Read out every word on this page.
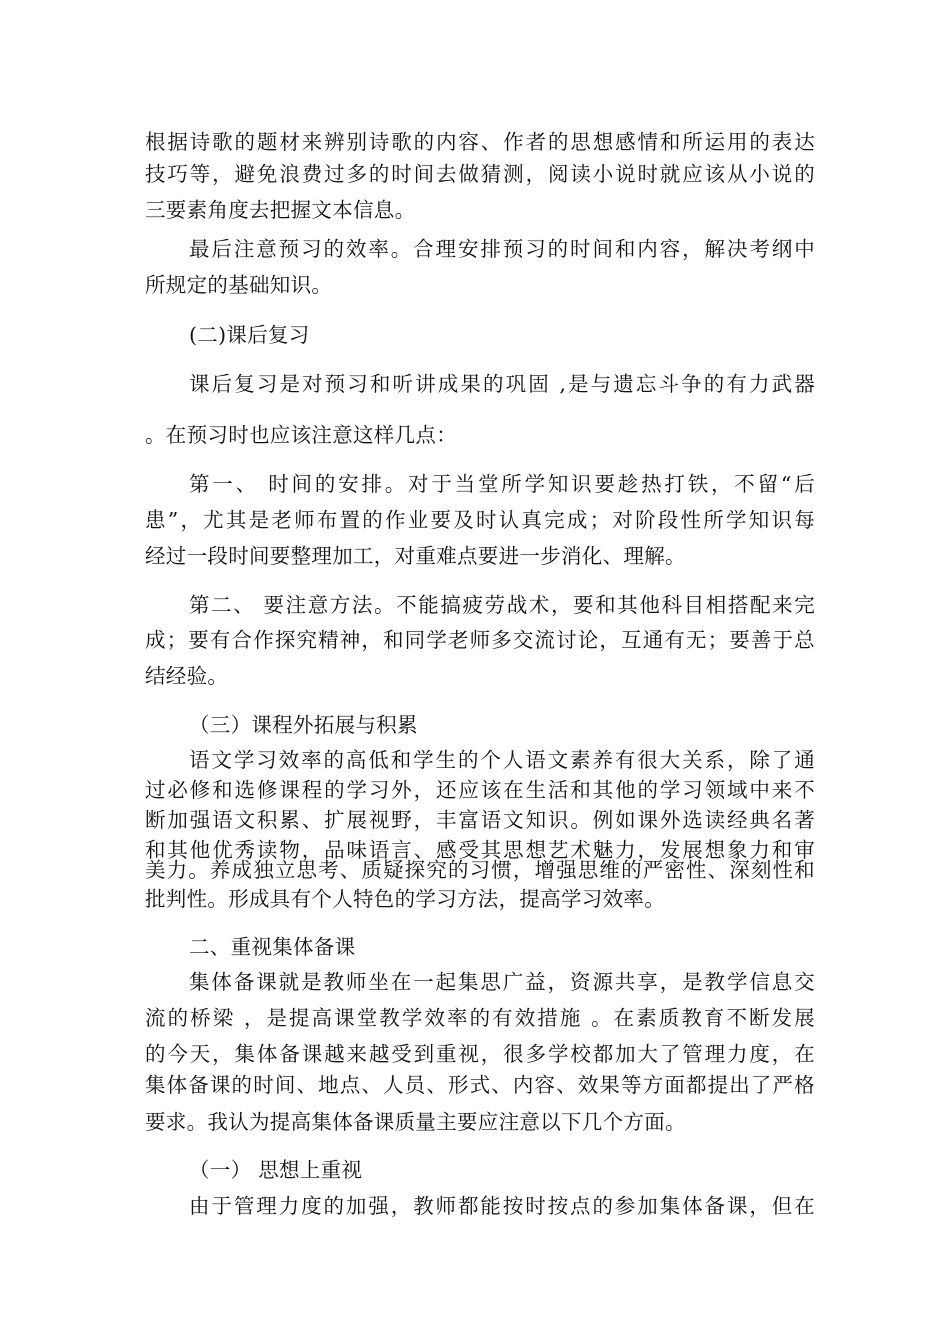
根据诗歌的题材来辨别诗歌的内容、作者的思想感情和所运用的表达
技巧等，避免浪费过多的时间去做猜测，阅读小说时就应该从小说的
三要素角度去把握文本信息。
最后注意预习的效率。合理安排预习的时间和内容，解决考纲中
所规定的基础知识。
(二)课后复习
课后复习是对预习和听讲成果的巩固 ,是与遗忘斗争的有力武器
。在预习时也应该注意这样几点：
第一、 时间的安排。对于当堂所学知识要趁热打铁，不留“后
患”，尤其是老师布置的作业要及时认真完成；对阶段性所学知识每
经过一段时间要整理加工，对重难点要进一步消化、理解。
第二、 要注意方法。不能搞疲劳战术，要和其他科目相搭配来完
成；要有合作探究精神，和同学老师多交流讨论，互通有无；要善于总
结经验。
（三）课程外拓展与积累
语文学习效率的高低和学生的个人语文素养有很大关系，除了通
过必修和选修课程的学习外，还应该在生活和其他的学习领域中来不
断加强语文积累、扩展视野，丰富语文知识。例如课外选读经典名著
和其他优秀读物，品味语言、感受其思想艺术魅力，发展想象力和审
美力。养成独立思考、质疑探究的习惯，增强思维的严密性、深刻性和
批判性。形成具有个人特色的学习方法，提高学习效率。
二、重视集体备课
集体备课就是教师坐在一起集思广益，资源共享，是教学信息交
流的桥梁 ，是提高课堂教学效率的有效措施 。在素质教育不断发展
的今天，集体备课越来越受到重视，很多学校都加大了管理力度，在
集体备课的时间、地点、人员、形式、内容、效果等方面都提出了严格
要求。我认为提高集体备课质量主要应注意以下几个方面。
（一） 思想上重视
由于管理力度的加强，教师都能按时按点的参加集体备课，但在
